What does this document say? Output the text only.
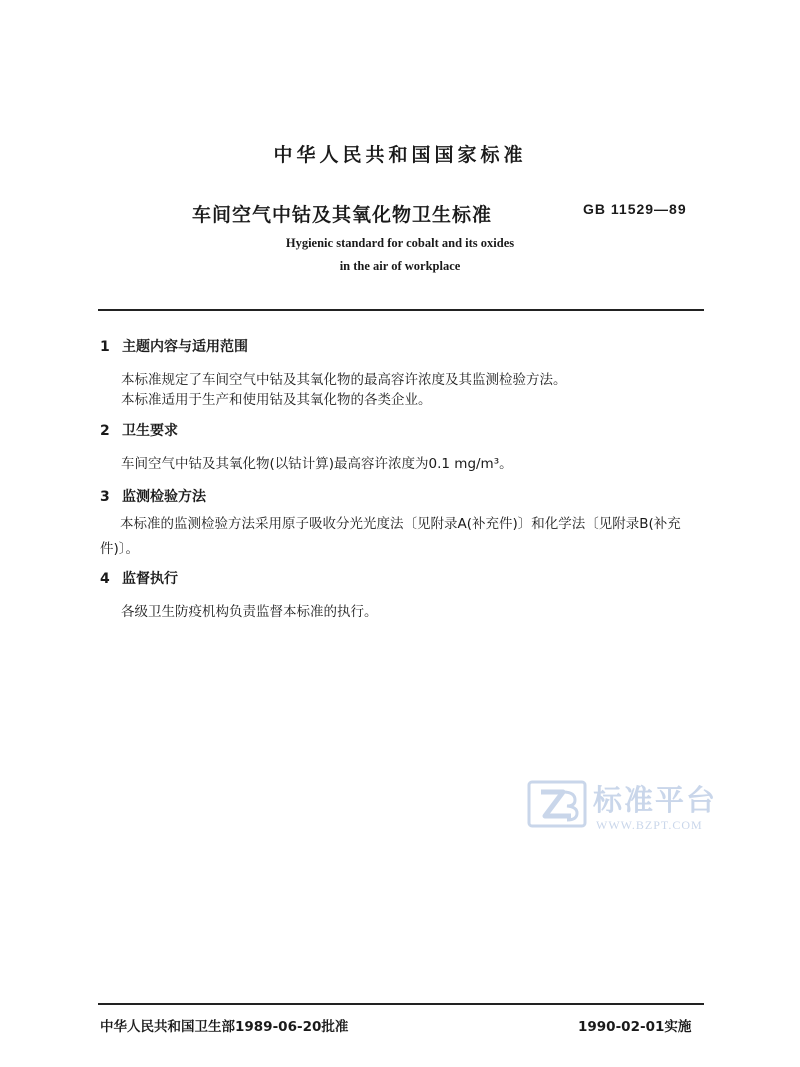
中华人民共和国国家标准
车间空气中钴及其氧化物卫生标准	GB 11529—89
Hygienic standard for cobalt and its oxides
in the air of workplace
1 主题内容与适用范围
本标准规定了车间空气中钴及其氧化物的最高容许浓度及其监测检验方法。
本标准适用于生产和使用钴及其氧化物的各类企业。
2 卫生要求
车间空气中钴及其氧化物(以钴计算)最高容许浓度为0.1 mg/m³。
3 监测检验方法
本标准的监测检验方法采用原子吸收分光光度法〔见附录A(补充件)〕和化学法〔见附录B(补充件)〕。
4 监督执行
各级卫生防疫机构负责监督本标准的执行。
标准平台
WWW.BZPT.COM
中华人民共和国卫生部1989-06-20批准	1990-02-01实施
